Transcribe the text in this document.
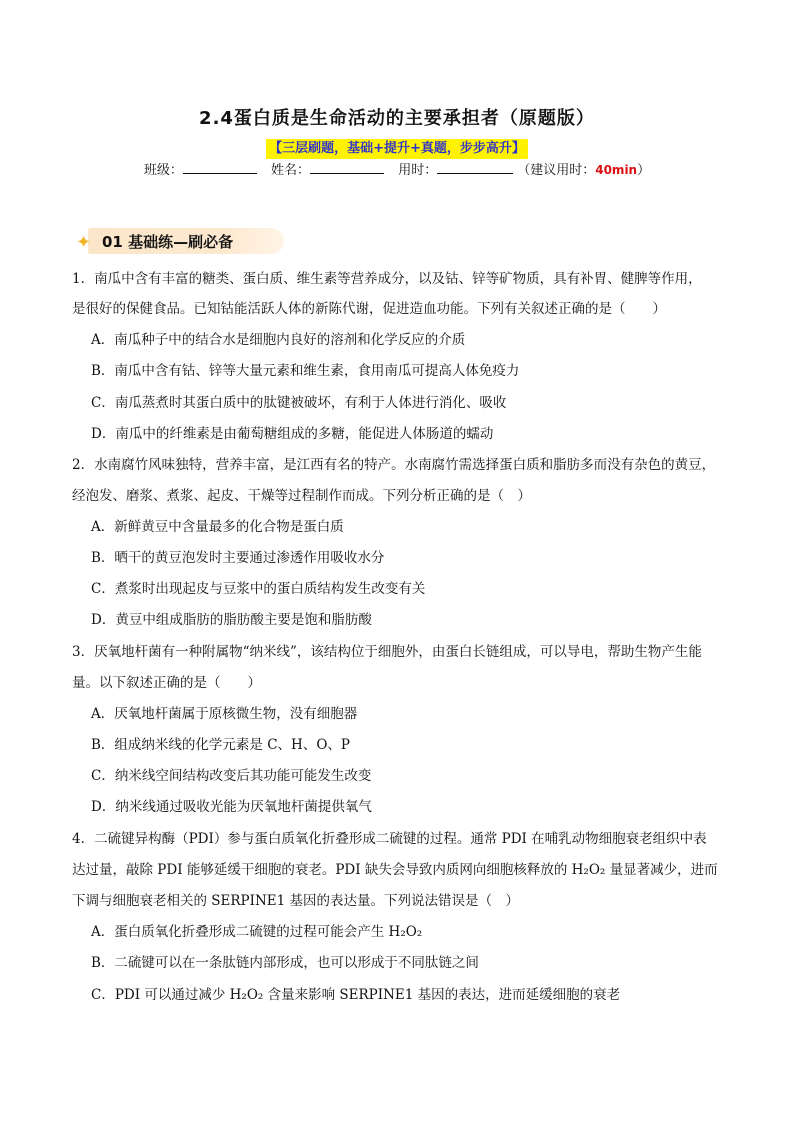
2.4蛋白质是生命活动的主要承担者（原题版）
【三层刷题，基础+提升+真题，步步高升】
班级：	姓名：	用时：	（建议用时：40min）
✦ 01 基础练—刷必备
1．南瓜中含有丰富的糖类、蛋白质、维生素等营养成分，以及钴、锌等矿物质，具有补胃、健脾等作用，
是很好的保健食品。已知钴能活跃人体的新陈代谢，促进造血功能。下列有关叙述正确的是（　　）
A．南瓜种子中的结合水是细胞内良好的溶剂和化学反应的介质
B．南瓜中含有钴、锌等大量元素和维生素，食用南瓜可提高人体免疫力
C．南瓜蒸煮时其蛋白质中的肽键被破坏，有利于人体进行消化、吸收
D．南瓜中的纤维素是由葡萄糖组成的多糖，能促进人体肠道的蠕动
2．水南腐竹风味独特，营养丰富，是江西有名的特产。水南腐竹需选择蛋白质和脂肪多而没有杂色的黄豆，
经泡发、磨浆、煮浆、起皮、干燥等过程制作而成。下列分析正确的是（　）
A．新鲜黄豆中含量最多的化合物是蛋白质
B．晒干的黄豆泡发时主要通过渗透作用吸收水分
C．煮浆时出现起皮与豆浆中的蛋白质结构发生改变有关
D．黄豆中组成脂肪的脂肪酸主要是饱和脂肪酸
3．厌氧地杆菌有一种附属物“纳米线”，该结构位于细胞外，由蛋白长链组成，可以导电，帮助生物产生能
量。以下叙述正确的是（　　）
A．厌氧地杆菌属于原核微生物，没有细胞器
B．组成纳米线的化学元素是 C、H、O、P
C．纳米线空间结构改变后其功能可能发生改变
D．纳米线通过吸收光能为厌氧地杆菌提供氧气
4．二硫键异构酶（PDI）参与蛋白质氧化折叠形成二硫键的过程。通常 PDI 在哺乳动物细胞衰老组织中表
达过量，敲除 PDI 能够延缓干细胞的衰老。PDI 缺失会导致内质网向细胞核释放的 H₂O₂ 量显著减少，进而
下调与细胞衰老相关的 SERPINE1 基因的表达量。下列说法错误是（　）
A．蛋白质氧化折叠形成二硫键的过程可能会产生 H₂O₂
B．二硫键可以在一条肽链内部形成，也可以形成于不同肽链之间
C．PDI 可以通过减少 H₂O₂ 含量来影响 SERPINE1 基因的表达，进而延缓细胞的衰老
